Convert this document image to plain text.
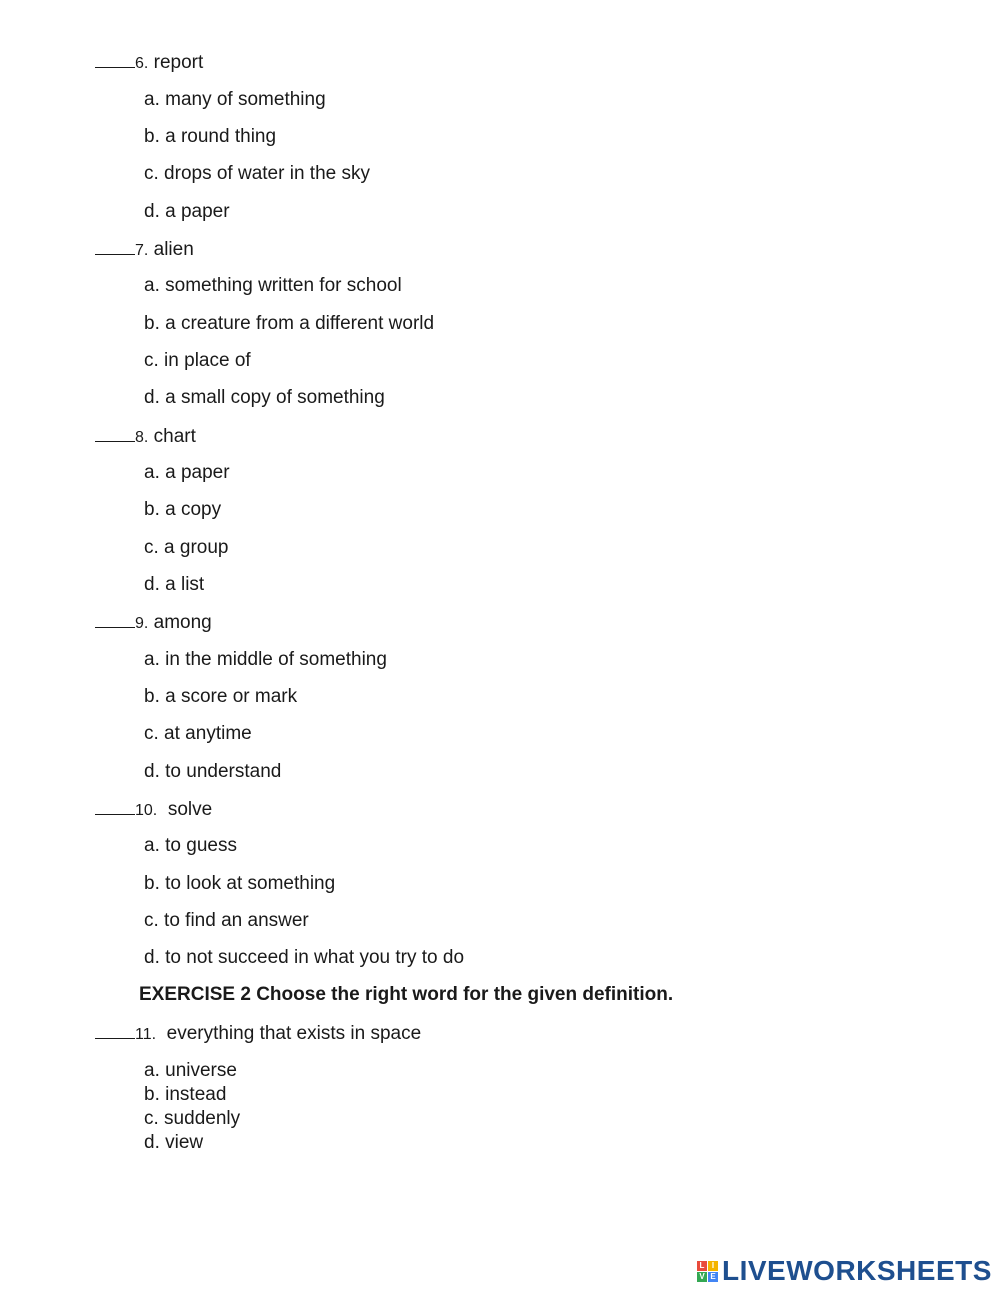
6. report
a. many of something
b. a round thing
c. drops of water in the sky
d. a paper
7. alien
a. something written for school
b. a creature from a different world
c. in place of
d. a small copy of something
8. chart
a. a paper
b. a copy
c. a group
d. a list
9. among
a. in the middle of something
b. a score or mark
c. at anytime
d. to understand
10. solve
a. to guess
b. to look at something
c. to find an answer
d. to not succeed in what you try to do
EXERCISE 2 Choose the right word for the given definition.
11. everything that exists in space
a. universe
b. instead
c. suddenly
d. view
L I
V E LIVEWORKSHEETS
